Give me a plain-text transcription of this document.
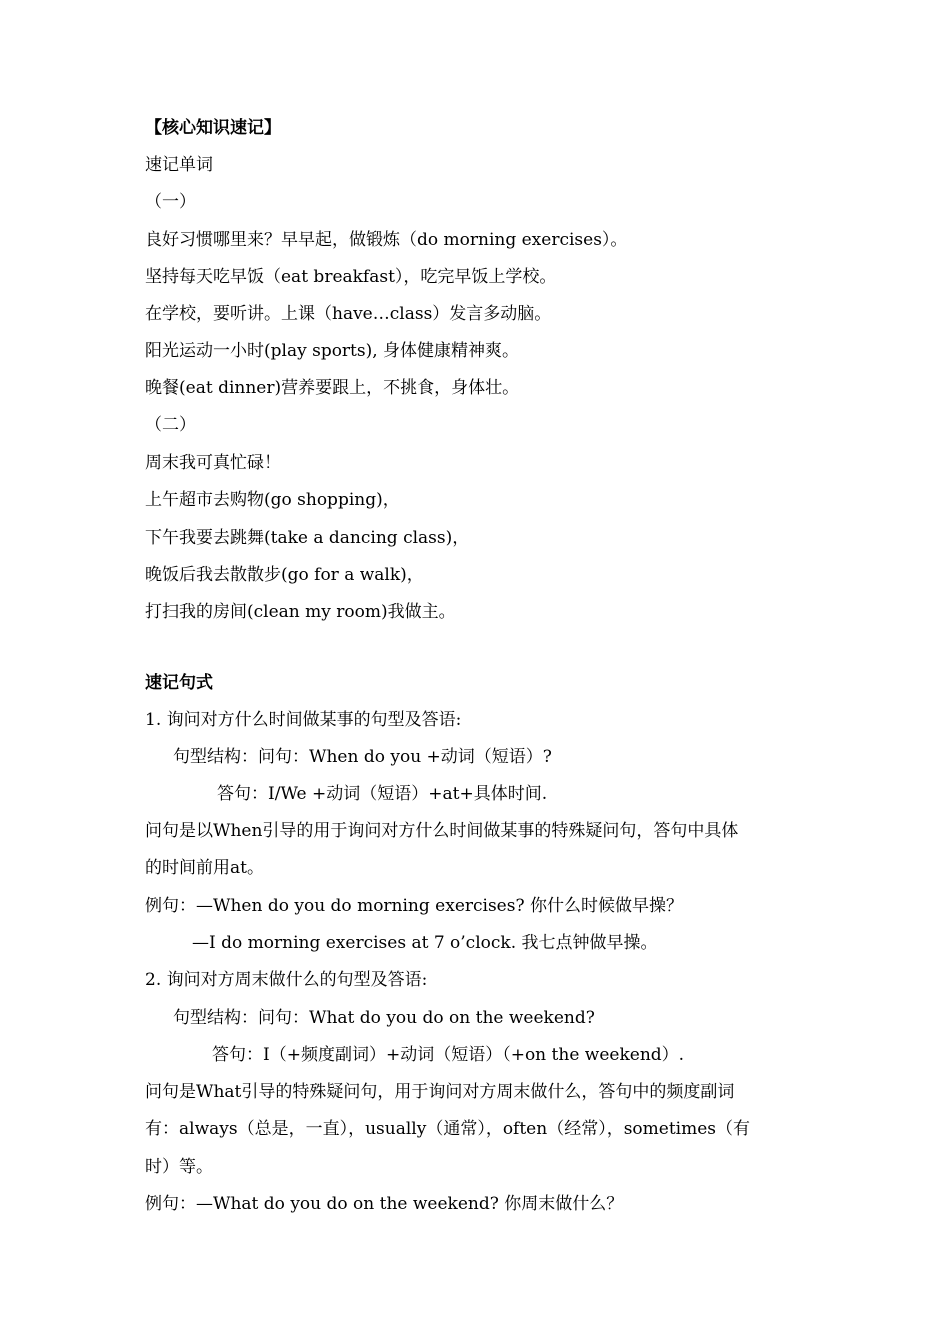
【核心知识速记】
速记单词
（一）
良好习惯哪里来？早早起，做锻炼（do morning exercises）。
坚持每天吃早饭（eat breakfast），吃完早饭上学校。
在学校，要听讲。上课（have…class）发言多动脑。
阳光运动一小时(play sports), 身体健康精神爽。
晚餐(eat dinner)营养要跟上，不挑食，身体壮。
（二）
周末我可真忙碌！
上午超市去购物(go shopping)，
下午我要去跳舞(take a dancing class)，
晚饭后我去散散步(go for a walk)，
打扫我的房间(clean my room)我做主。
速记句式
1. 询问对方什么时间做某事的句型及答语:
句型结构：问句：When do you +动词（短语）?
答句：I/We +动词（短语）+at+具体时间.
问句是以When引导的用于询问对方什么时间做某事的特殊疑问句，答句中具体
的时间前用at。
例句：—When do you do morning exercises? 你什么时候做早操？
—I do morning exercises at 7 o’clock. 我七点钟做早操。
2. 询问对方周末做什么的句型及答语:
句型结构：问句：What do you do on the weekend?
答句：I（+频度副词）+动词（短语）（+on the weekend）.
问句是What引导的特殊疑问句，用于询问对方周末做什么，答句中的频度副词
有：always（总是，一直），usually（通常），often（经常），sometimes（有
时）等。
例句：—What do you do on the weekend? 你周末做什么？
